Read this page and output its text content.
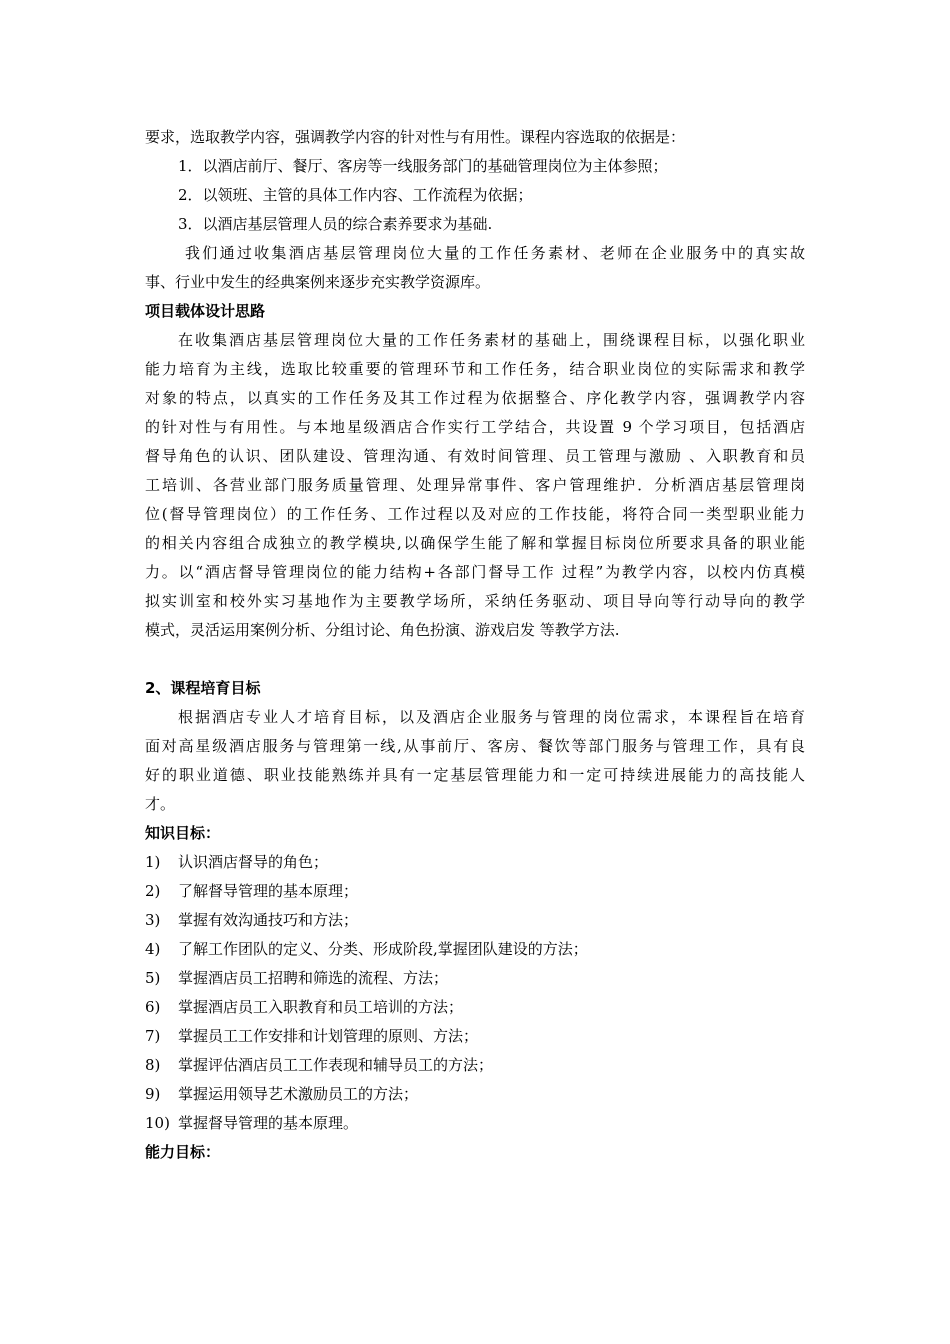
要求，选取教学内容，强调教学内容的针对性与有用性。课程内容选取的依据是：
1．以酒店前厅、餐厅、客房等一线服务部门的基础管理岗位为主体参照；
2．以领班、主管的具体工作内容、工作流程为依据；
3．以酒店基层管理人员的综合素养要求为基础.
我们通过收集酒店基层管理岗位大量的工作任务素材、老师在企业服务中的真实故
事、行业中发生的经典案例来逐步充实教学资源库。
项目载体设计思路
在收集酒店基层管理岗位大量的工作任务素材的基础上，围绕课程目标，以强化职业
能力培育为主线，选取比较重要的管理环节和工作任务，结合职业岗位的实际需求和教学
对象的特点，以真实的工作任务及其工作过程为依据整合、序化教学内容，强调教学内容
的针对性与有用性。与本地星级酒店合作实行工学结合，共设置 9 个学习项目，包括酒店
督导角色的认识、团队建设、管理沟通、有效时间管理、员工管理与激励 、入职教育和员
工培训、各营业部门服务质量管理、处理异常事件、客户管理维护．分析酒店基层管理岗
位(督导管理岗位）的工作任务、工作过程以及对应的工作技能，将符合同一类型职业能力
的相关内容组合成独立的教学模块,以确保学生能了解和掌握目标岗位所要求具备的职业能
力。以“酒店督导管理岗位的能力结构+各部门督导工作 过程”为教学内容，以校内仿真模
拟实训室和校外实习基地作为主要教学场所，采纳任务驱动、项目导向等行动导向的教学
模式，灵活运用案例分析、分组讨论、角色扮演、游戏启发 等教学方法.
2、课程培育目标
根据酒店专业人才培育目标，以及酒店企业服务与管理的岗位需求，本课程旨在培育
面对高星级酒店服务与管理第一线,从事前厅、客房、餐饮等部门服务与管理工作，具有良
好的职业道德、职业技能熟练并具有一定基层管理能力和一定可持续进展能力的高技能人
才。
知识目标：
1) 认识酒店督导的角色；
2) 了解督导管理的基本原理；
3) 掌握有效沟通技巧和方法；
4) 了解工作团队的定义、分类、形成阶段,掌握团队建设的方法；
5) 掌握酒店员工招聘和筛选的流程、方法；
6) 掌握酒店员工入职教育和员工培训的方法；
7) 掌握员工工作安排和计划管理的原则、方法；
8) 掌握评估酒店员工工作表现和辅导员工的方法；
9) 掌握运用领导艺术激励员工的方法；
10) 掌握督导管理的基本原理。
能力目标：
